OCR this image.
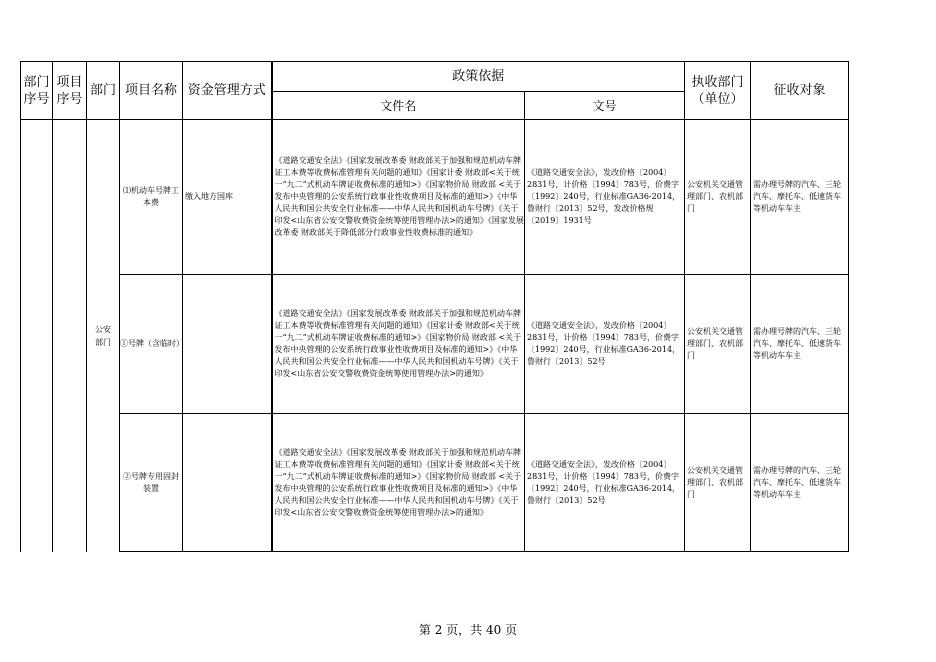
部门序号	项目序号	部门	项目名称	资金管理方式	政策依据		执收部门（单位）	征收对象
					文件名	文号		

		公安部门	⑴机动车号牌工本费	缴入地方国库	《道路交通安全法》《国家发展改革委 财政部关于加强和规范机动车牌证工本费等收费标准管理有关问题的通知》《国家计委 财政部<关于统一“九二”式机动车牌证收费标准的通知>》《国家物价局 财政部 <关于发布中央管理的公安系统行政事业性收费项目及标准的通知>》《中华人民共和国公共安全行业标准——中华人民共和国机动车号牌》《关于印发<山东省公安交警收费资金统筹使用管理办法>的通知》《国家发展改革委 财政部关于降低部分行政事业性收费标准的通知》	《道路交通安全法》，发改价格〔2004〕2831号，计价格〔1994〕783号，价费字〔1992〕240号，行业标准GA36-2014，鲁财行〔2013〕52号，发改价格规〔2019〕1931号	公安机关交通管理部门、农机部门	需办理号牌的汽车、三轮汽车、摩托车、低速货车等机动车车主
			①号牌（含临时）		《道路交通安全法》《国家发展改革委 财政部关于加强和规范机动车牌证工本费等收费标准管理有关问题的通知》《国家计委 财政部<关于统一“九二”式机动车牌证收费标准的通知>》《国家物价局 财政部 <关于发布中央管理的公安系统行政事业性收费项目及标准的通知>》《中华人民共和国公共安全行业标准——中华人民共和国机动车号牌》《关于印发<山东省公安交警收费资金统筹使用管理办法>的通知》	《道路交通安全法》，发改价格〔2004〕2831号，计价格〔1994〕783号，价费字〔1992〕240号，行业标准GA36-2014，鲁财行〔2013〕52号	公安机关交通管理部门、农机部门	需办理号牌的汽车、三轮汽车、摩托车、低速货车等机动车车主
			②号牌专用固封装置		《道路交通安全法》《国家发展改革委 财政部关于加强和规范机动车牌证工本费等收费标准管理有关问题的通知》《国家计委 财政部<关于统一“九二”式机动车牌证收费标准的通知>》《国家物价局 财政部 <关于发布中央管理的公安系统行政事业性收费项目及标准的通知>》《中华人民共和国公共安全行业标准——中华人民共和国机动车号牌》《关于印发<山东省公安交警收费资金统筹使用管理办法>的通知》	《道路交通安全法》，发改价格〔2004〕2831号，计价格〔1994〕783号，价费字〔1992〕240号，行业标准GA36-2014，鲁财行〔2013〕52号	公安机关交通管理部门、农机部门	需办理号牌的汽车、三轮汽车、摩托车、低速货车等机动车车主
第 2 页，共 40 页
